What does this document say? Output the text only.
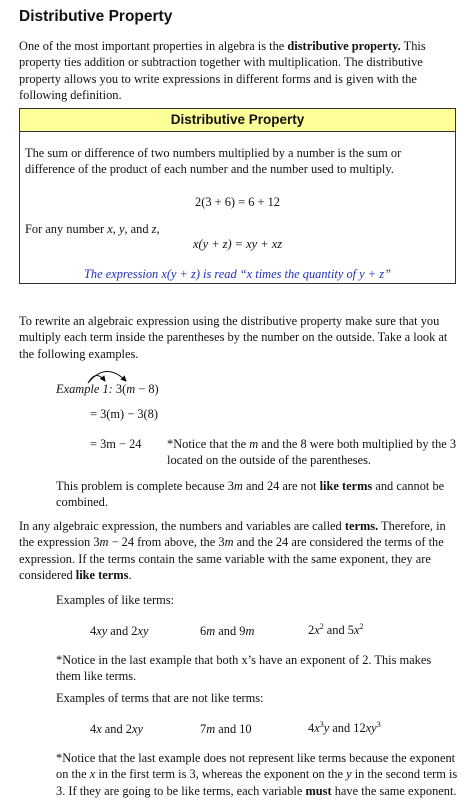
Distributive Property

One of the most important properties in algebra is the distributive property. This property ties addition or subtraction together with multiplication. The distributive property allows you to write expressions in different forms and is given with the following definition.

Distributive Property

The sum or difference of two numbers multiplied by a number is the sum or difference of the product of each number and the number used to multiply.

2(3 + 6) = 6 + 12

For any number x, y, and z,

x(y + z) = xy + xz

The expression x(y + z) is read “x times the quantity of y + z”

To rewrite an algebraic expression using the distributive property make sure that you multiply each term inside the parentheses by the number on the outside. Take a look at the following examples.

Example 1: 3(m − 8)

= 3(m) − 3(8)

= 3m − 24 *Notice that the m and the 8 were both multiplied by the 3 located on the outside of the parentheses.

This problem is complete because 3m and 24 are not like terms and cannot be combined.

In any algebraic expression, the numbers and variables are called terms. Therefore, in the expression 3m − 24 from above, the 3m and the 24 are considered the terms of the expression. If the terms contain the same variable with the same exponent, they are considered like terms.

Examples of like terms:

4xy and 2xy	6m and 9m	$2x^2$ and $5x^2$

*Notice in the last example that both x’s have an exponent of 2. This makes them like terms.

Examples of terms that are not like terms:

4x and 2xy	7m and 10	$4x^3y$ and $12xy^3$

*Notice that the last example does not represent like terms because the exponent on the x in the first term is 3, whereas the exponent on the y in the second term is 3. If they are going to be like terms, each variable must have the same exponent.
